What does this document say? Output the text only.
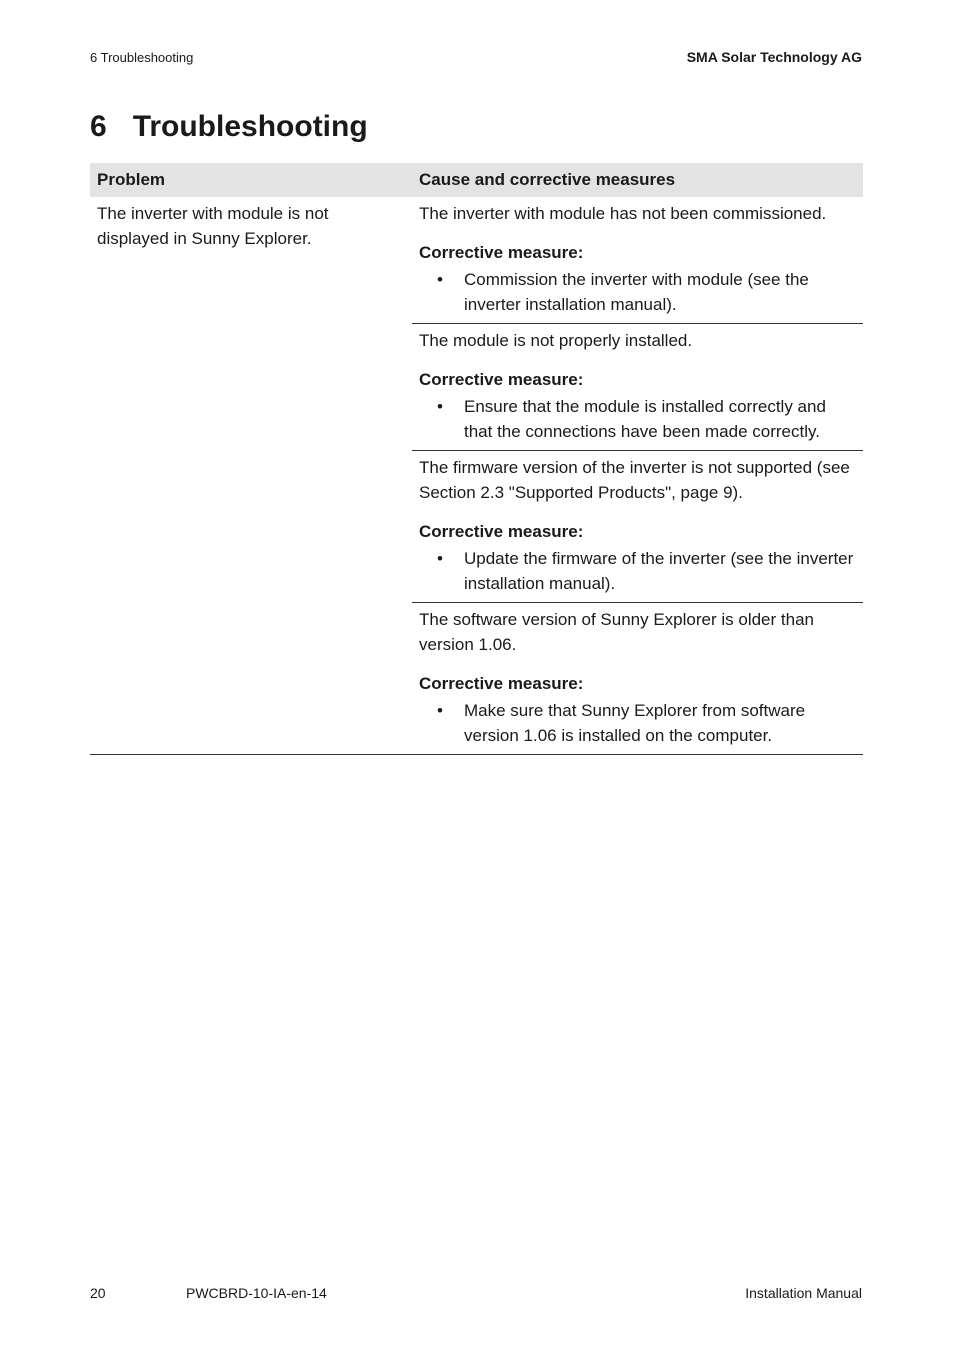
6 Troubleshooting	SMA Solar Technology AG
6 Troubleshooting
Problem	Cause and corrective measures
The inverter with module is not displayed in Sunny Explorer.	The inverter with module has not been commissioned.

Corrective measure:

• Commission the inverter with module (see the inverter installation manual).

	The module is not properly installed.

Corrective measure:

• Ensure that the module is installed correctly and that the connections have been made correctly.

	The firmware version of the inverter is not supported (see Section 2.3 "Supported Products", page 9).

Corrective measure:

• Update the firmware of the inverter (see the inverter installation manual).

	The software version of Sunny Explorer is older than version 1.06.

Corrective measure:

• Make sure that Sunny Explorer from software version 1.06 is installed on the computer.
20	PWCBRD-10-IA-en-14	Installation Manual
